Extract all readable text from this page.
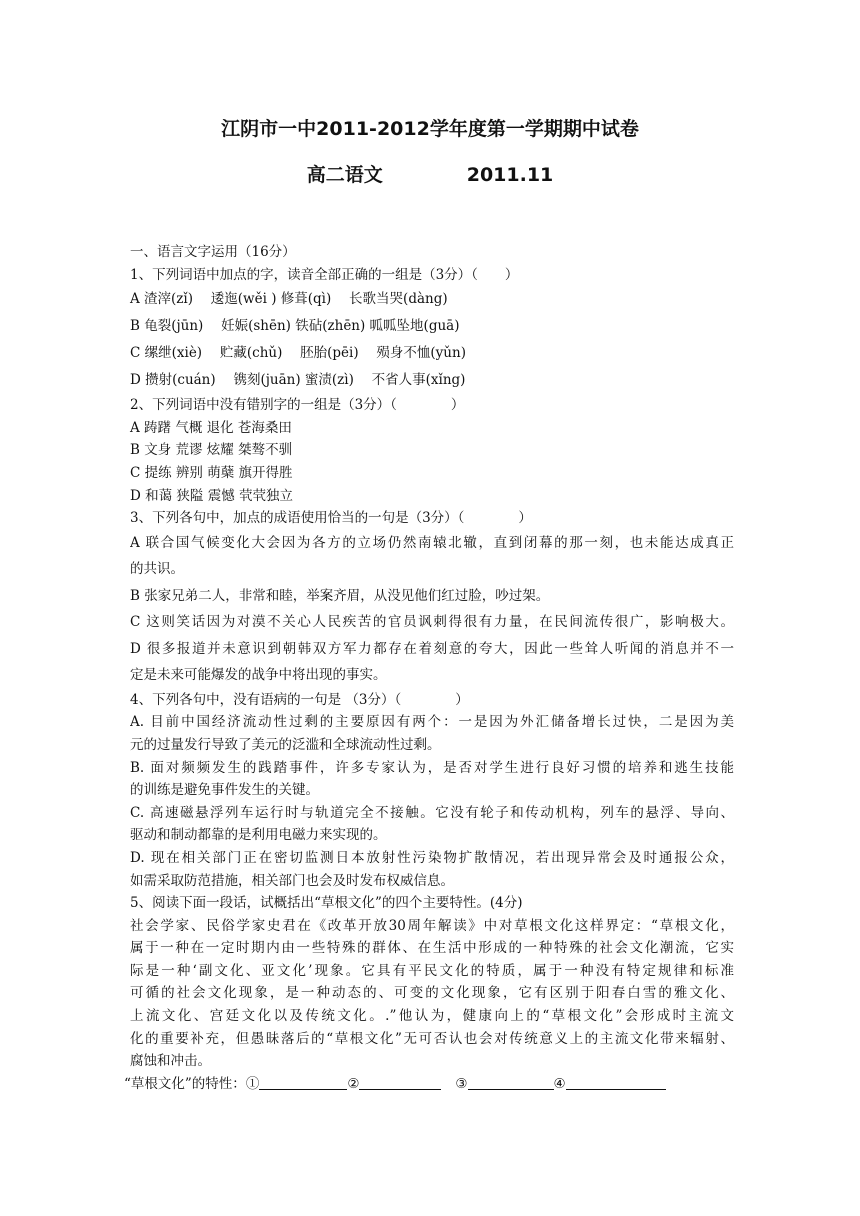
江阴市一中2011-2012学年度第一学期期中试卷
高二语文	2011.11
一、语言文字运用（16分）
1、下列词语中加点的字，读音全部正确的一组是（3分）（　　）
A 渣滓(zǐ)　 逶迤(wěi ) 修葺(qì)　 长歌当哭(dàng)
B 龟裂(jūn)　 妊娠(shēn) 铁砧(zhēn) 呱呱坠地(guā)
C 缧绁(xiè)　 贮藏(chǔ)　 胚胎(pēi)　 殒身不恤(yǔn)
D 攒射(cuán)　 镌刻(juān) 蜜渍(zì)　 不省人事(xǐng)
2、下列词语中没有错别字的一组是（3分）（　　　　）
A 踌躇 气概 退化 苍海桑田
B 文身 荒谬 炫耀 桀骜不驯
C 提练 辨别 萌蘖 旗开得胜
D 和蔼 狭隘 震憾 茕茕独立
3、下列各句中，加点的成语使用恰当的一句是（3分）（　　　　）
A 联合国气候变化大会因为各方的立场仍然南辕北辙，直到闭幕的那一刻，也未能达成真正
的共识。
B 张家兄弟二人，非常和睦，举案齐眉，从没见他们红过脸，吵过架。
C 这则笑话因为对漠不关心人民疾苦的官员讽刺得很有力量，在民间流传很广，影响极大。
D 很多报道并未意识到朝韩双方军力都存在着刻意的夸大，因此一些耸人听闻的消息并不一
定是未来可能爆发的战争中将出现的事实。
4、下列各句中，没有语病的一句是 （3分）（　　　　）
A. 目前中国经济流动性过剩的主要原因有两个：一是因为外汇储备增长过快，二是因为美
元的过量发行导致了美元的泛滥和全球流动性过剩。
B. 面对频频发生的践踏事件，许多专家认为，是否对学生进行良好习惯的培养和逃生技能
的训练是避免事件发生的关键。
C. 高速磁悬浮列车运行时与轨道完全不接触。它没有轮子和传动机构，列车的悬浮、导向、
驱动和制动都靠的是利用电磁力来实现的。
D. 现在相关部门正在密切监测日本放射性污染物扩散情况，若出现异常会及时通报公众，
如需采取防范措施，相关部门也会及时发布权威信息。
5、阅读下面一段话，试概括出“草根文化”的四个主要特性。(4分)
社会学家、民俗学家史君在《改革开放30周年解读》中对草根文化这样界定：“草根文化，
属于一种在一定时期内由一些特殊的群体、在生活中形成的一种特殊的社会文化潮流，它实
际是一种‘副文化、亚文化’现象。它具有平民文化的特质，属于一种没有特定规律和标准
可循的社会文化现象，是一种动态的、可变的文化现象，它有区别于阳春白雪的雅文化、
上流文化、宫廷文化以及传统文化。.”他认为，健康向上的“草根文化”会形成时主流文
化的重要补充，但愚昧落后的“草根文化”无可否认也会对传统意义上的主流文化带来辐射、
腐蚀和冲击。
“草根文化”的特性：①	②	③	④
